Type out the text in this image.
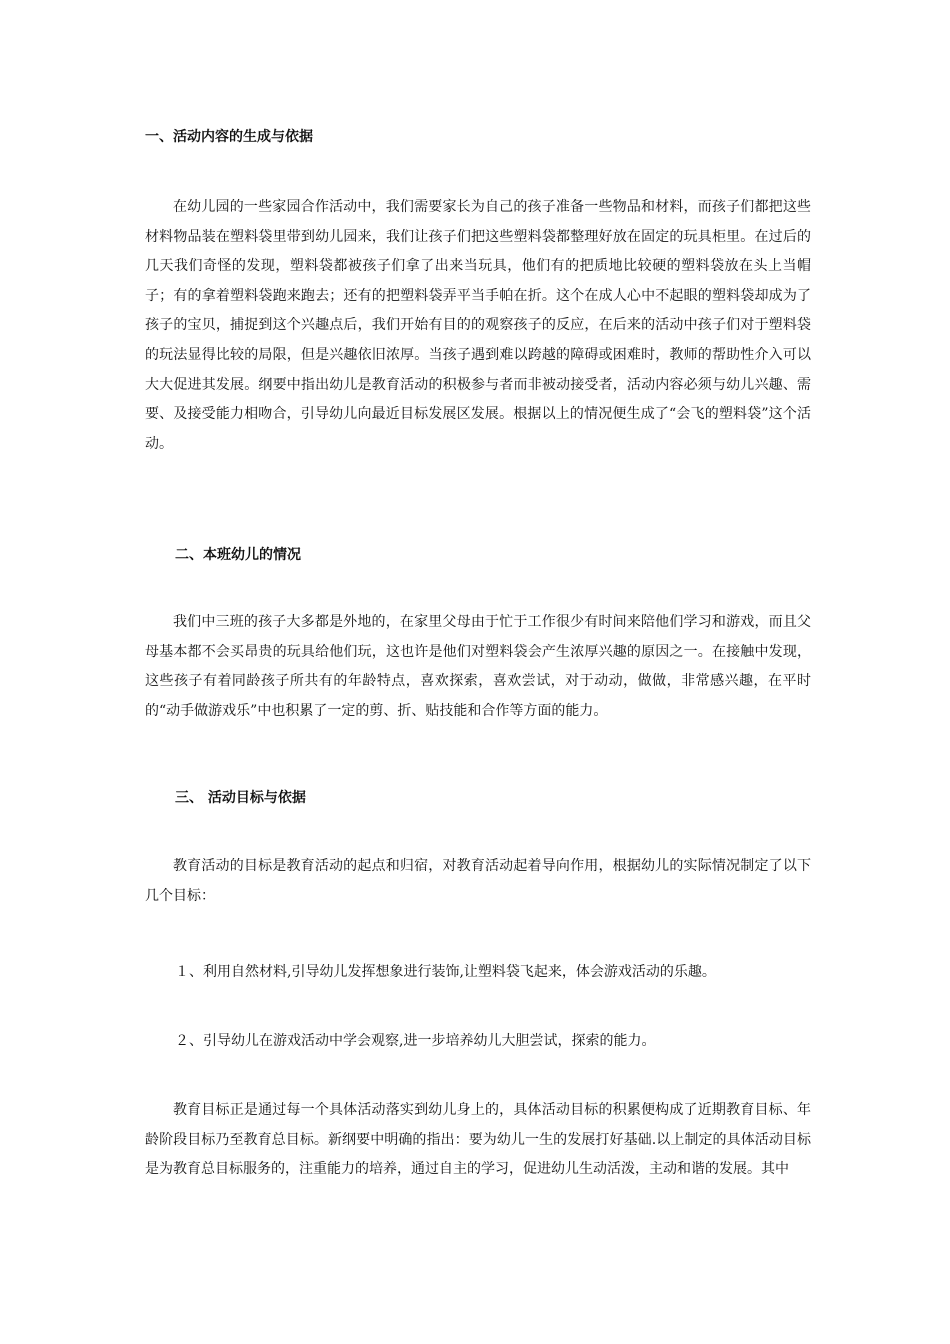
一、活动内容的生成与依据

在幼儿园的一些家园合作活动中，我们需要家长为自己的孩子准备一些物品和材料，而孩子们都把这些材料物品装在塑料袋里带到幼儿园来，我们让孩子们把这些塑料袋都整理好放在固定的玩具柜里。在过后的几天我们奇怪的发现，塑料袋都被孩子们拿了出来当玩具，他们有的把质地比较硬的塑料袋放在头上当帽子；有的拿着塑料袋跑来跑去；还有的把塑料袋弄平当手帕在折。这个在成人心中不起眼的塑料袋却成为了孩子的宝贝，捕捉到这个兴趣点后，我们开始有目的的观察孩子的反应，在后来的活动中孩子们对于塑料袋的玩法显得比较的局限，但是兴趣依旧浓厚。当孩子遇到难以跨越的障碍或困难时，教师的帮助性介入可以大大促进其发展。纲要中指出幼儿是教育活动的积极参与者而非被动接受者，活动内容必须与幼儿兴趣、需要、及接受能力相吻合，引导幼儿向最近目标发展区发展。根据以上的情况便生成了“会飞的塑料袋”这个活动。

二、本班幼儿的情况

我们中三班的孩子大多都是外地的，在家里父母由于忙于工作很少有时间来陪他们学习和游戏，而且父母基本都不会买昂贵的玩具给他们玩，这也许是他们对塑料袋会产生浓厚兴趣的原因之一。在接触中发现，这些孩子有着同龄孩子所共有的年龄特点，喜欢探索，喜欢尝试，对于动动，做做，非常感兴趣，在平时的“动手做游戏乐”中也积累了一定的剪、折、贴技能和合作等方面的能力。

三、 活动目标与依据

教育活动的目标是教育活动的起点和归宿，对教育活动起着导向作用，根据幼儿的实际情况制定了以下几个目标：

１、利用自然材料,引导幼儿发挥想象进行装饰,让塑料袋飞起来，体会游戏活动的乐趣。

２、引导幼儿在游戏活动中学会观察,进一步培养幼儿大胆尝试，探索的能力。

教育目标正是通过每一个具体活动落实到幼儿身上的，具体活动目标的积累便构成了近期教育目标、年龄阶段目标乃至教育总目标。新纲要中明确的指出：要为幼儿一生的发展打好基础.以上制定的具体活动目标是为教育总目标服务的，注重能力的培养，通过自主的学习，促进幼儿生动活泼，主动和谐的发展。其中
